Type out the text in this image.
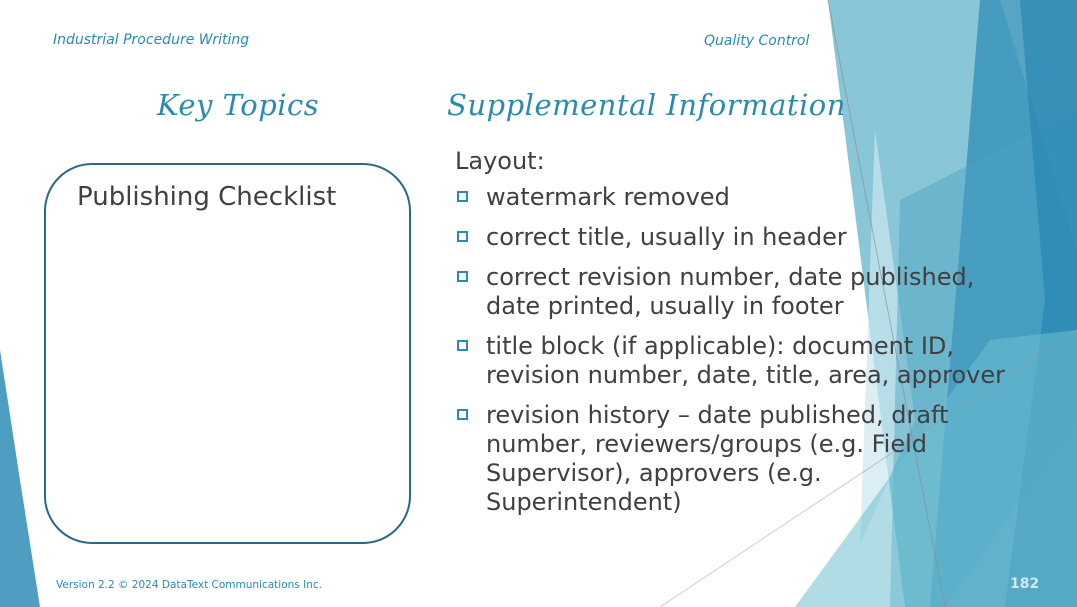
Industrial Procedure Writing	Quality Control
Key Topics	Supplemental Information
Publishing Checklist
Layout:
watermark removed
correct title, usually in header
correct revision number, date published, date printed, usually in footer
title block (if applicable): document ID, revision number, date, title, area, approver
revision history – date published, draft number, reviewers/groups (e.g. Field Supervisor), approvers (e.g. Superintendent)
Version 2.2 © 2024 DataText Communications Inc.	182
